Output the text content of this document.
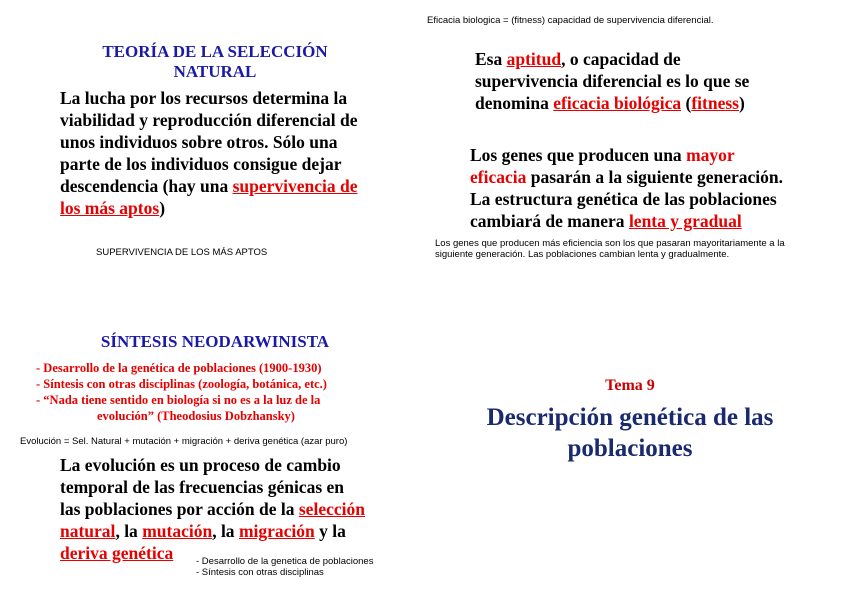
TEORÍA DE LA SELECCIÓN
NATURAL
La lucha por los recursos determina la
viabilidad y reproducción diferencial de
unos individuos sobre otros. Sólo una
parte de los individuos consigue dejar
descendencia (hay una supervivencia de
los más aptos)
SUPERVIVENCIA DE LOS MÁS APTOS
Eficacia biologica = (fitness) capacidad de supervivencia diferencial.
Esa aptitud, o capacidad de
supervivencia diferencial es lo que se
denomina eficacia biológica (fitness)
Los genes que producen una mayor
eficacia pasarán a la siguiente generación.
La estructura genética de las poblaciones
cambiará de manera lenta y gradual
Los genes que producen más eficiencia son los que pasaran mayoritariamente a la
siguiente generación. Las poblaciones cambian lenta y gradualmente.
SÍNTESIS NEODARWINISTA
- Desarrollo de la genética de poblaciones (1900-1930)
- Síntesis con otras disciplinas (zoología, botánica, etc.)
- “Nada tiene sentido en biología si no es a la luz de la
evolución” (Theodosius Dobzhansky)
Evolución = Sel. Natural + mutación + migración + deriva genética (azar puro)
La evolución es un proceso de cambio
temporal de las frecuencias génicas en
las poblaciones por acción de la selección
natural, la mutación, la migración y la
deriva genética	- Desarrollo de la genetica de poblaciones
- Síntesis con otras disciplinas
Tema 9
Descripción genética de las
poblaciones
